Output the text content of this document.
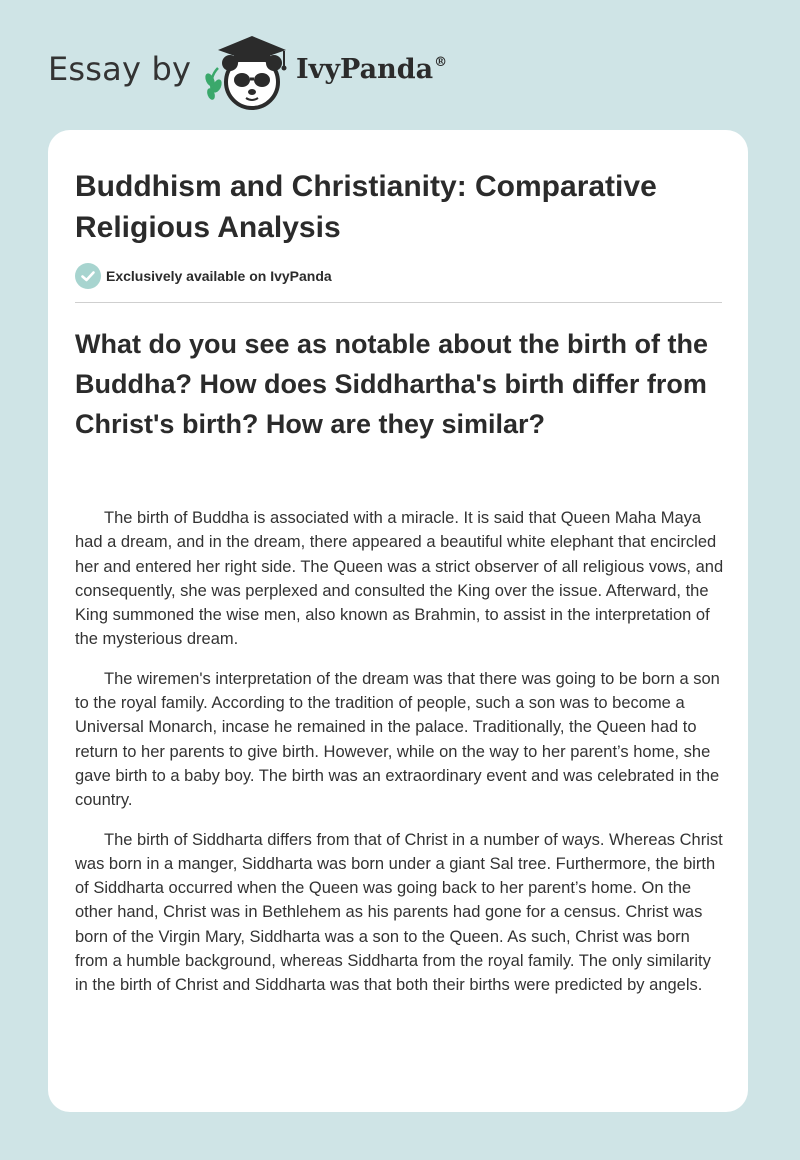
Essay by	IvyPanda®
Buddhism and Christianity: Comparative Religious Analysis
Exclusively available on IvyPanda
What do you see as notable about the birth of the Buddha? How does Siddhartha's birth differ from Christ's birth? How are they similar?

The birth of Buddha is associated with a miracle. It is said that Queen Maha Maya had a dream, and in the dream, there appeared a beautiful white elephant that encircled her and entered her right side. The Queen was a strict observer of all religious vows, and consequently, she was perplexed and consulted the King over the issue. Afterward, the King summoned the wise men, also known as Brahmin, to assist in the interpretation of the mysterious dream.

The wiremen's interpretation of the dream was that there was going to be born a son to the royal family. According to the tradition of people, such a son was to become a Universal Monarch, incase he remained in the palace. Traditionally, the Queen had to return to her parents to give birth. However, while on the way to her parent’s home, she gave birth to a baby boy. The birth was an extraordinary event and was celebrated in the country.

The birth of Siddharta differs from that of Christ in a number of ways. Whereas Christ was born in a manger, Siddharta was born under a giant Sal tree. Furthermore, the birth of Siddharta occurred when the Queen was going back to her parent’s home. On the other hand, Christ was in Bethlehem as his parents had gone for a census. Christ was born of the Virgin Mary, Siddharta was a son to the Queen. As such, Christ was born from a humble background, whereas Siddharta from the royal family. The only similarity in the birth of Christ and Siddharta was that both their births were predicted by angels.
